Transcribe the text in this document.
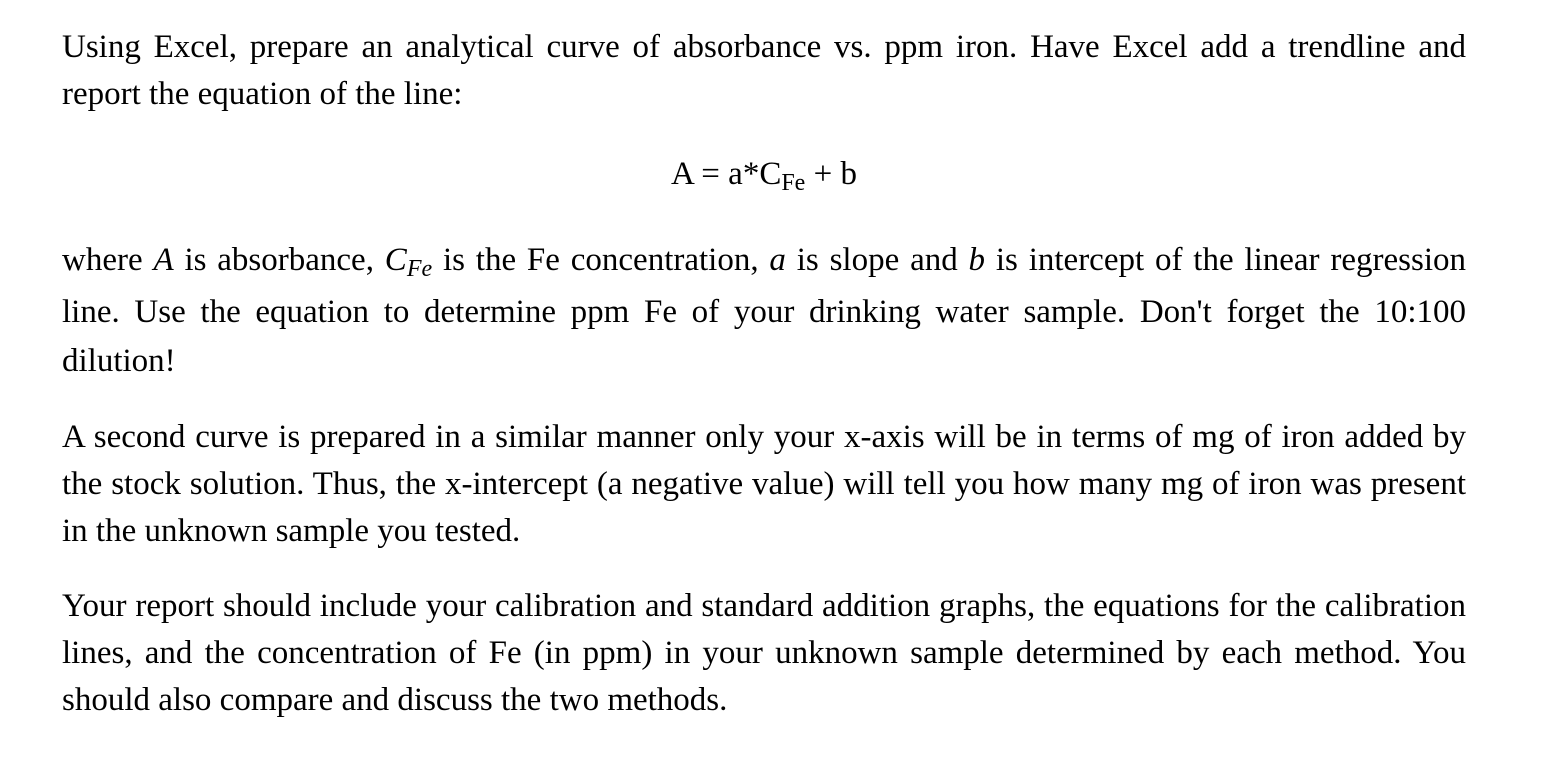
Using Excel, prepare an analytical curve of absorbance vs. ppm iron. Have Excel add a trendline and report the equation of the line:

A = a*CFe + b

where A is absorbance, CFe is the Fe concentration, a is slope and b is intercept of the linear regression line. Use the equation to determine ppm Fe of your drinking water sample. Don't forget the 10:100 dilution!

A second curve is prepared in a similar manner only your x-axis will be in terms of mg of iron added by the stock solution. Thus, the x-intercept (a negative value) will tell you how many mg of iron was present in the unknown sample you tested.

Your report should include your calibration and standard addition graphs, the equations for the calibration lines, and the concentration of Fe (in ppm) in your unknown sample determined by each method. You should also compare and discuss the two methods.
